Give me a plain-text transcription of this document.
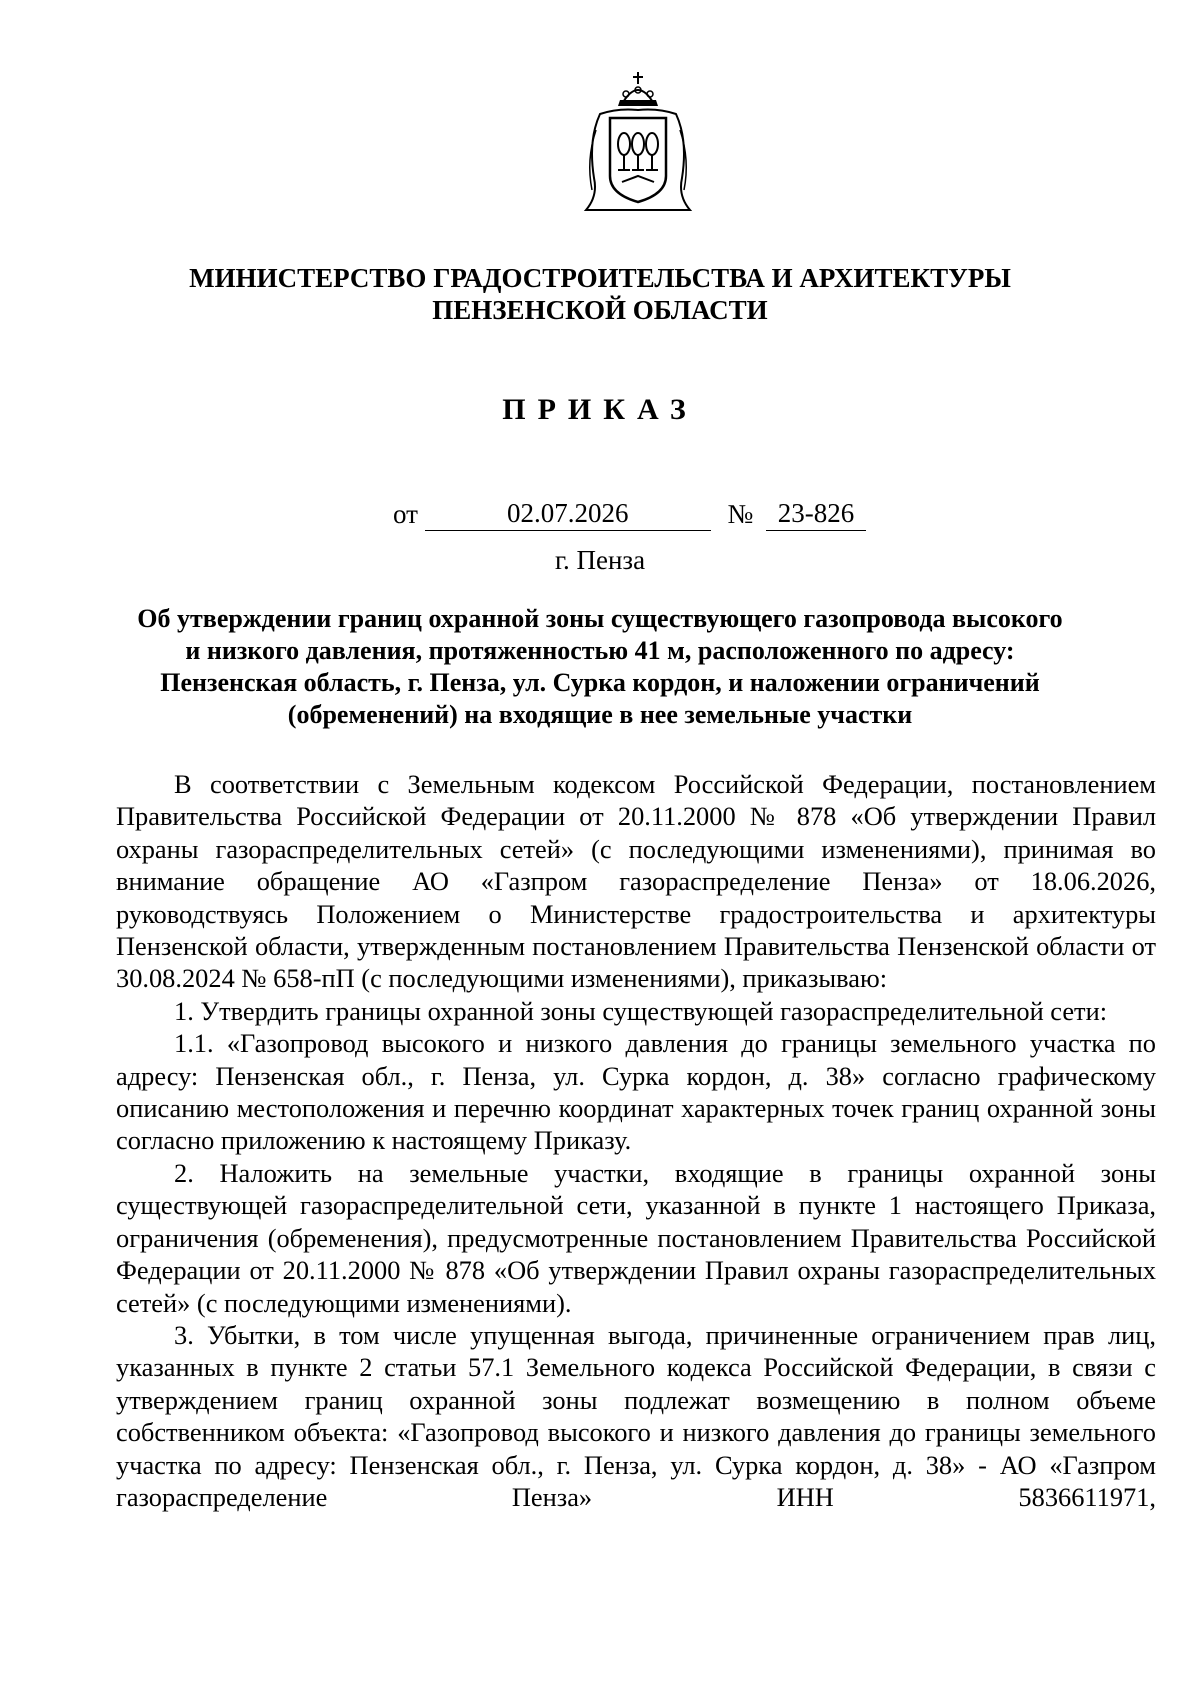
МИНИСТЕРСТВО ГРАДОСТРОИТЕЛЬСТВА И АРХИТЕКТУРЫ
ПЕНЗЕНСКОЙ ОБЛАСТИ
ПРИКАЗ
от	02.07.2026	№ 23-826
г. Пенза
Об утверждении границ охранной зоны существующего газопровода высокого
и низкого давления, протяженностью 41 м, расположенного по адресу:
Пензенская область, г. Пенза, ул. Сурка кордон, и наложении ограничений
(обременений) на входящие в нее земельные участки

В соответствии с Земельным кодексом Российской Федерации, постановлением Правительства Российской Федерации от 20.11.2000 № 878 «Об утверждении Правил охраны газораспределительных сетей» (с последующими изменениями), принимая во внимание обращение АО «Газпром газораспределение Пенза» от 18.06.2026, руководствуясь Положением о Министерстве градостроительства и архитектуры Пензенской области, утвержденным постановлением Правительства Пензенской области от 30.08.2024 № 658-пП (с последующими изменениями), приказываю:

1. Утвердить границы охранной зоны существующей газораспределительной сети:

1.1. «Газопровод высокого и низкого давления до границы земельного участка по адресу: Пензенская обл., г. Пенза, ул. Сурка кордон, д. 38» согласно графическому описанию местоположения и перечню координат характерных точек границ охранной зоны согласно приложению к настоящему Приказу.

2. Наложить на земельные участки, входящие в границы охранной зоны существующей газораспределительной сети, указанной в пункте 1 настоящего Приказа, ограничения (обременения), предусмотренные постановлением Правительства Российской Федерации от 20.11.2000 № 878 «Об утверждении Правил охраны газораспределительных сетей» (с последующими изменениями).

3. Убытки, в том числе упущенная выгода, причиненные ограничением прав лиц, указанных в пункте 2 статьи 57.1 Земельного кодекса Российской Федерации, в связи с утверждением границ охранной зоны подлежат возмещению в полном объеме собственником объекта: «Газопровод высокого и низкого давления до границы земельного участка по адресу: Пензенская обл., г. Пенза, ул. Сурка кордон, д. 38» - АО «Газпром газораспределение Пенза» ИНН 5836611971,
